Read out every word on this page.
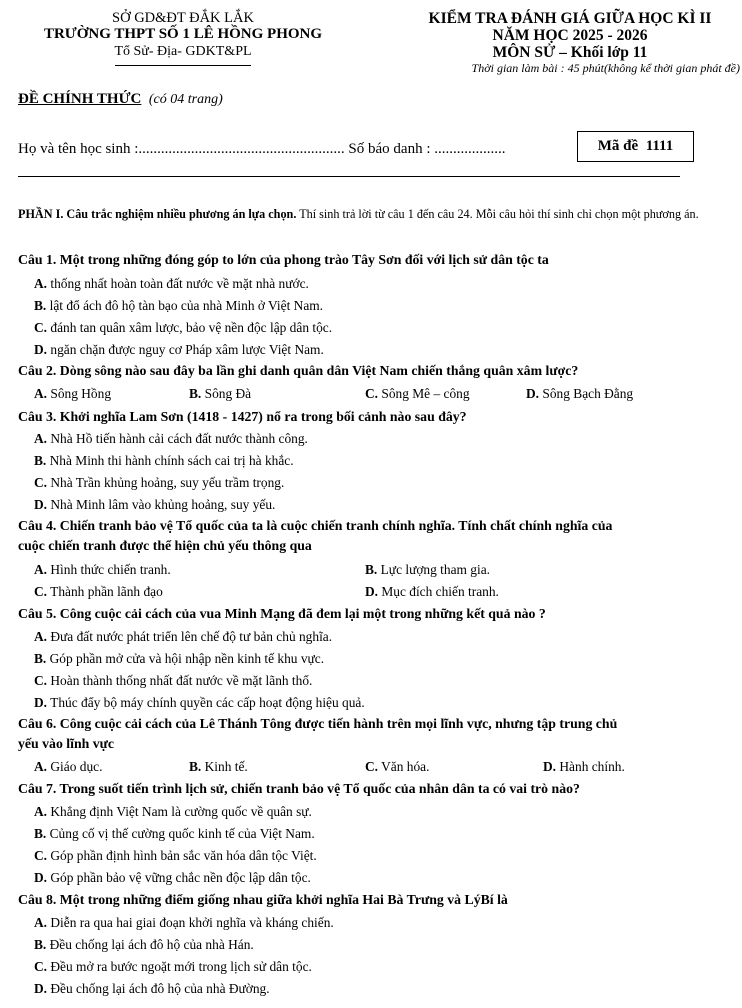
SỞ GD&ĐT ĐẮK LẮK
TRƯỜNG THPT SỐ 1 LÊ HỒNG PHONG
Tổ Sử- Địa- GDKT&PL
KIỂM TRA ĐÁNH GIÁ GIỮA HỌC KÌ II
NĂM HỌC 2025 - 2026
MÔN SỬ – Khối lớp 11
Thời gian làm bài : 45 phút(không kể thời gian phát đề)
ĐỀ CHÍNH THỨC (có 04 trang)
Họ và tên học sinh :....................................................... Số báo danh : ...................	Mã đề 1111
PHẦN I. Câu trắc nghiệm nhiều phương án lựa chọn. Thí sinh trả lời từ câu 1 đến câu 24. Mỗi câu hỏi thí sinh chỉ chọn một phương án.
Câu 1. Một trong những đóng góp to lớn của phong trào Tây Sơn đối với lịch sử dân tộc ta
A. thống nhất hoàn toàn đất nước về mặt nhà nước.
B. lật đổ ách đô hộ tàn bạo của nhà Minh ở Việt Nam.
C. đánh tan quân xâm lược, bảo vệ nền độc lập dân tộc.
D. ngăn chặn được nguy cơ Pháp xâm lược Việt Nam.
Câu 2. Dòng sông nào sau đây ba lần ghi danh quân dân Việt Nam chiến thắng quân xâm lược?
A. Sông Hồng	B. Sông Đà	C. Sông Mê – công	D. Sông Bạch Đằng
Câu 3. Khởi nghĩa Lam Sơn (1418 - 1427) nổ ra trong bối cảnh nào sau đây?
A. Nhà Hồ tiến hành cải cách đất nước thành công.
B. Nhà Minh thi hành chính sách cai trị hà khắc.
C. Nhà Trần khủng hoảng, suy yếu trầm trọng.
D. Nhà Minh lâm vào khủng hoảng, suy yếu.
Câu 4. Chiến tranh bảo vệ Tổ quốc của ta là cuộc chiến tranh chính nghĩa. Tính chất chính nghĩa của
cuộc chiến tranh được thể hiện chủ yếu thông qua
A. Hình thức chiến tranh.	B. Lực lượng tham gia.
C. Thành phần lãnh đạo	D. Mục đích chiến tranh.
Câu 5. Công cuộc cải cách của vua Minh Mạng đã đem lại một trong những kết quả nào ?
A. Đưa đất nước phát triển lên chế độ tư bản chủ nghĩa.
B. Góp phần mở cửa và hội nhập nền kinh tế khu vực.
C. Hoàn thành thống nhất đất nước về mặt lãnh thổ.
D. Thúc đẩy bộ máy chính quyền các cấp hoạt động hiệu quả.
Câu 6. Công cuộc cải cách của Lê Thánh Tông được tiến hành trên mọi lĩnh vực, nhưng tập trung chủ
yếu vào lĩnh vực
A. Giáo dục.	B. Kinh tế.	C. Văn hóa.	D. Hành chính.
Câu 7. Trong suốt tiến trình lịch sử, chiến tranh bảo vệ Tổ quốc của nhân dân ta có vai trò nào?
A. Khẳng định Việt Nam là cường quốc về quân sự.
B. Củng cố vị thế cường quốc kinh tế của Việt Nam.
C. Góp phần định hình bản sắc văn hóa dân tộc Việt.
D. Góp phần bảo vệ vững chắc nền độc lập dân tộc.
Câu 8. Một trong những điểm giống nhau giữa khởi nghĩa Hai Bà Trưng và LýBí là
A. Diễn ra qua hai giai đoạn khởi nghĩa và kháng chiến.
B. Đều chống lại ách đô hộ của nhà Hán.
C. Đều mở ra bước ngoặt mới trong lịch sử dân tộc.
D. Đều chống lại ách đô hộ của nhà Đường.
